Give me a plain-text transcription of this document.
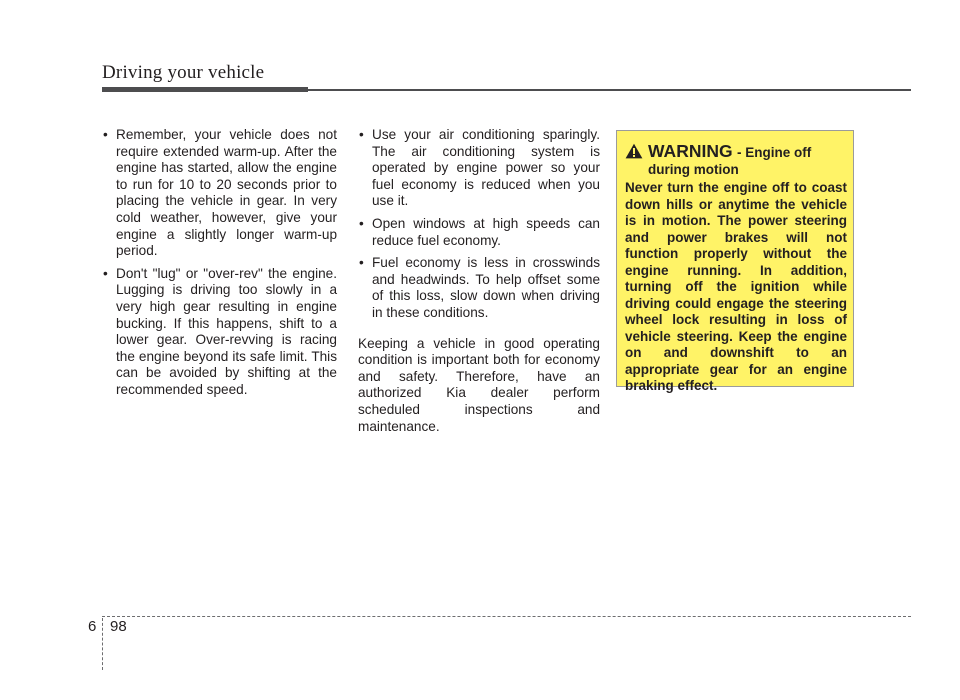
Driving your vehicle
• Remember, your vehicle does not require extended warm-up. After the engine has started, allow the engine to run for 10 to 20 seconds prior to placing the vehicle in gear. In very cold weather, however, give your engine a slightly longer warm-up period.
• Don't "lug" or "over-rev" the engine. Lugging is driving too slowly in a very high gear resulting in engine bucking. If this happens, shift to a lower gear. Over-revving is racing the engine beyond its safe limit. This can be avoided by shifting at the recommended speed.
• Use your air conditioning sparingly. The air conditioning system is operated by engine power so your fuel economy is reduced when you use it.
• Open windows at high speeds can reduce fuel economy.
• Fuel economy is less in crosswinds and headwinds. To help offset some of this loss, slow down when driving in these conditions.

Keeping a vehicle in good operating condition is important both for economy and safety. Therefore, have an authorized Kia dealer perform scheduled inspections and maintenance.

WARNING - Engine off
during motion
Never turn the engine off to coast down hills or anytime the vehicle is in motion. The power steering and power brakes will not function properly without the engine running. In addition, turning off the ignition while driving could engage the steering wheel lock resulting in loss of vehicle steering. Keep the engine on and downshift to an appropriate gear for an engine braking effect.
6 98
